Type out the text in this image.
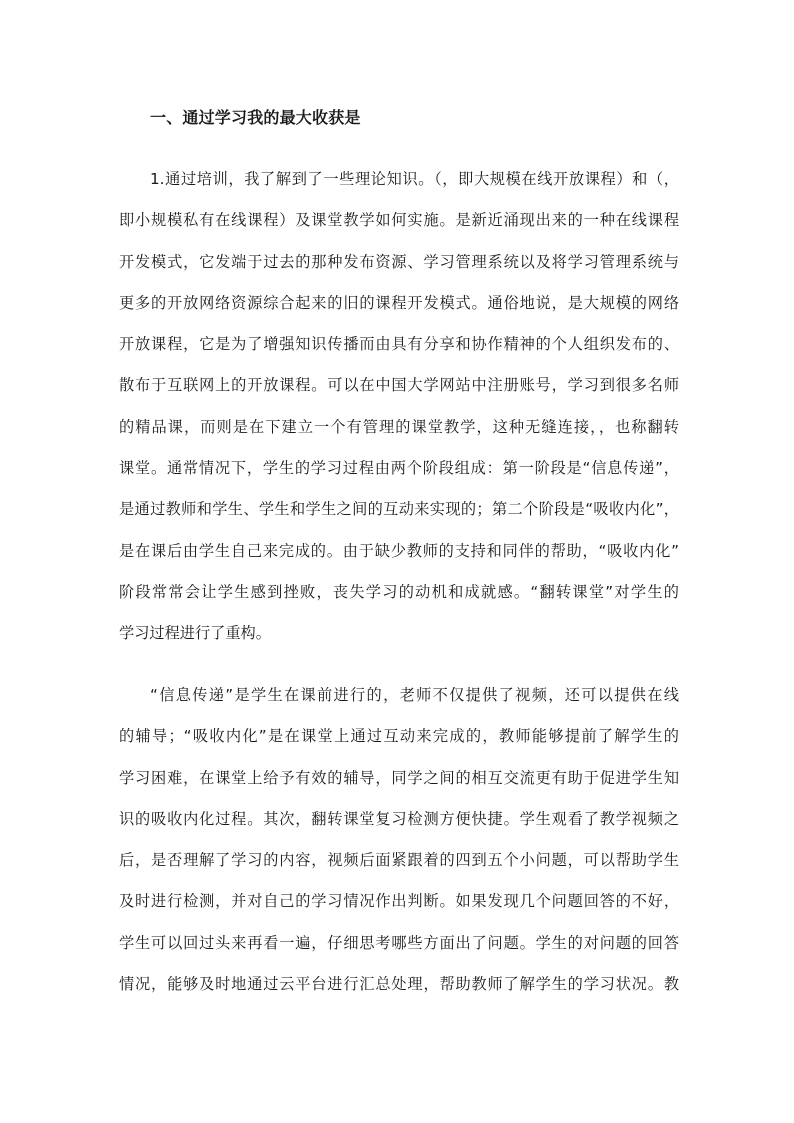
一、通过学习我的最大收获是
1.通过培训，我了解到了一些理论知识。（，即大规模在线开放课程）和（，
即小规模私有在线课程）及课堂教学如何实施。是新近涌现出来的一种在线课程
开发模式，它发端于过去的那种发布资源、学习管理系统以及将学习管理系统与
更多的开放网络资源综合起来的旧的课程开发模式。通俗地说，是大规模的网络
开放课程，它是为了增强知识传播而由具有分享和协作精神的个人组织发布的、
散布于互联网上的开放课程。可以在中国大学网站中注册账号，学习到很多名师
的精品课，而则是在下建立一个有管理的课堂教学，这种无缝连接，，也称翻转
课堂。通常情况下，学生的学习过程由两个阶段组成：第一阶段是“信息传递”，
是通过教师和学生、学生和学生之间的互动来实现的；第二个阶段是“吸收内化”，
是在课后由学生自己来完成的。由于缺少教师的支持和同伴的帮助，“吸收内化”
阶段常常会让学生感到挫败，丧失学习的动机和成就感。“翻转课堂”对学生的
学习过程进行了重构。
“信息传递”是学生在课前进行的，老师不仅提供了视频，还可以提供在线
的辅导；“吸收内化”是在课堂上通过互动来完成的，教师能够提前了解学生的
学习困难，在课堂上给予有效的辅导，同学之间的相互交流更有助于促进学生知
识的吸收内化过程。其次，翻转课堂复习检测方便快捷。学生观看了教学视频之
后，是否理解了学习的内容，视频后面紧跟着的四到五个小问题，可以帮助学生
及时进行检测，并对自己的学习情况作出判断。如果发现几个问题回答的不好，
学生可以回过头来再看一遍，仔细思考哪些方面出了问题。学生的对问题的回答
情况，能够及时地通过云平台进行汇总处理，帮助教师了解学生的学习状况。教
